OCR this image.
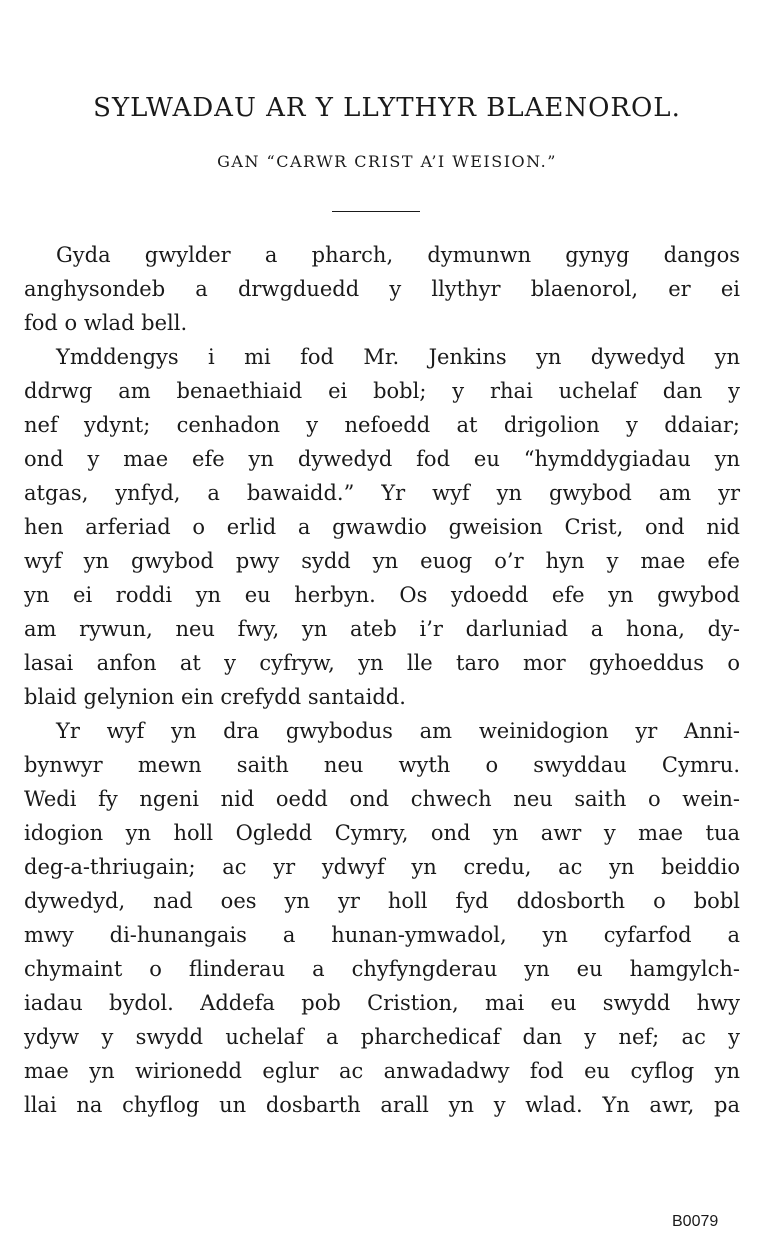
SYLWADAU AR Y LLYTHYR BLAENOROL.
GAN “CARWR CRIST A’I WEISION.”
Gyda gwylder a pharch, dymunwn gynyg dangos
anghysondeb a drwgduedd y llythyr blaenorol, er ei
fod o wlad bell.
Ymddengys i mi fod Mr. Jenkins yn dywedyd yn
ddrwg am benaethiaid ei bobl; y rhai uchelaf dan y
nef ydynt; cenhadon y nefoedd at drigolion y ddaiar;
ond y mae efe yn dywedyd fod eu “hymddygiadau yn
atgas, ynfyd, a bawaidd.” Yr wyf yn gwybod am yr
hen arferiad o erlid a gwawdio gweision Crist, ond nid
wyf yn gwybod pwy sydd yn euog o’r hyn y mae efe
yn ei roddi yn eu herbyn. Os ydoedd efe yn gwybod
am rywun, neu fwy, yn ateb i’r darluniad a hona, dy-
lasai anfon at y cyfryw, yn lle taro mor gyhoeddus o
blaid gelynion ein crefydd santaidd.
Yr wyf yn dra gwybodus am weinidogion yr Anni-
bynwyr mewn saith neu wyth o swyddau Cymru.
Wedi fy ngeni nid oedd ond chwech neu saith o wein-
idogion yn holl Ogledd Cymry, ond yn awr y mae tua
deg-a-thriugain; ac yr ydwyf yn credu, ac yn beiddio
dywedyd, nad oes yn yr holl fyd ddosborth o bobl
mwy di-hunangais a hunan-ymwadol, yn cyfarfod a
chymaint o flinderau a chyfyngderau yn eu hamgylch-
iadau bydol. Addefa pob Cristion, mai eu swydd hwy
ydyw y swydd uchelaf a pharchedicaf dan y nef; ac y
mae yn wirionedd eglur ac anwadadwy fod eu cyflog yn
llai na chyflog un dosbarth arall yn y wlad. Yn awr, pa
B0079
